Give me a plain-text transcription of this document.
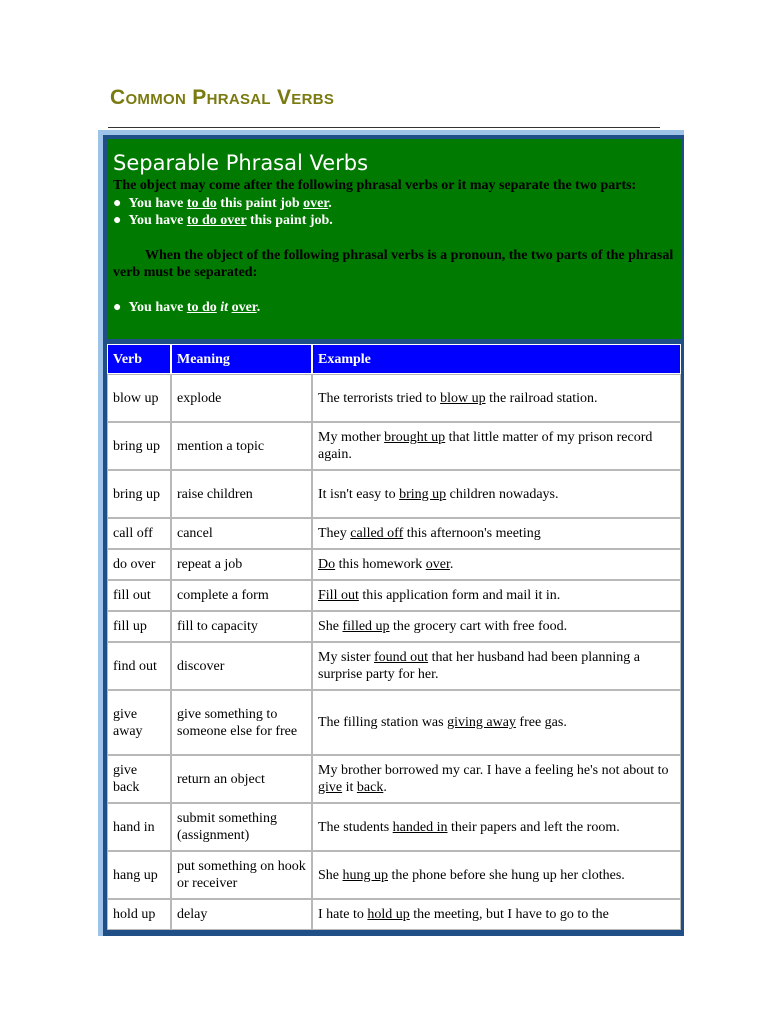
Common Phrasal Verbs
Separable Phrasal Verbs

The object may come after the following phrasal verbs or it may separate the two parts:

●  You have to do this paint job over.

●  You have to do over this paint job.

When the object of the following phrasal verbs is a pronoun, the two parts of the phrasal verb must be separated:

●  You have to do it over.

Verb	Meaning	Example
blow up	explode	The terrorists tried to blow up the railroad station.
bring up	mention a topic	My mother brought up that little matter of my prison record again.
bring up	raise children	It isn't easy to bring up children nowadays.
call off	cancel	They called off this afternoon's meeting
do over	repeat a job	Do this homework over.
fill out	complete a form	Fill out this application form and mail it in.
fill up	fill to capacity	She filled up the grocery cart with free food.
find out	discover	My sister found out that her husband had been planning a surprise party for her.
give away	give something to someone else for free	The filling station was giving away free gas.
give back	return an object	My brother borrowed my car. I have a feeling he's not about to give it back.
hand in	submit something (assignment)	The students handed in their papers and left the room.
hang up	put something on hook or receiver	She hung up the phone before she hung up her clothes.
hold up	delay	I hate to hold up the meeting, but I have to go to the
